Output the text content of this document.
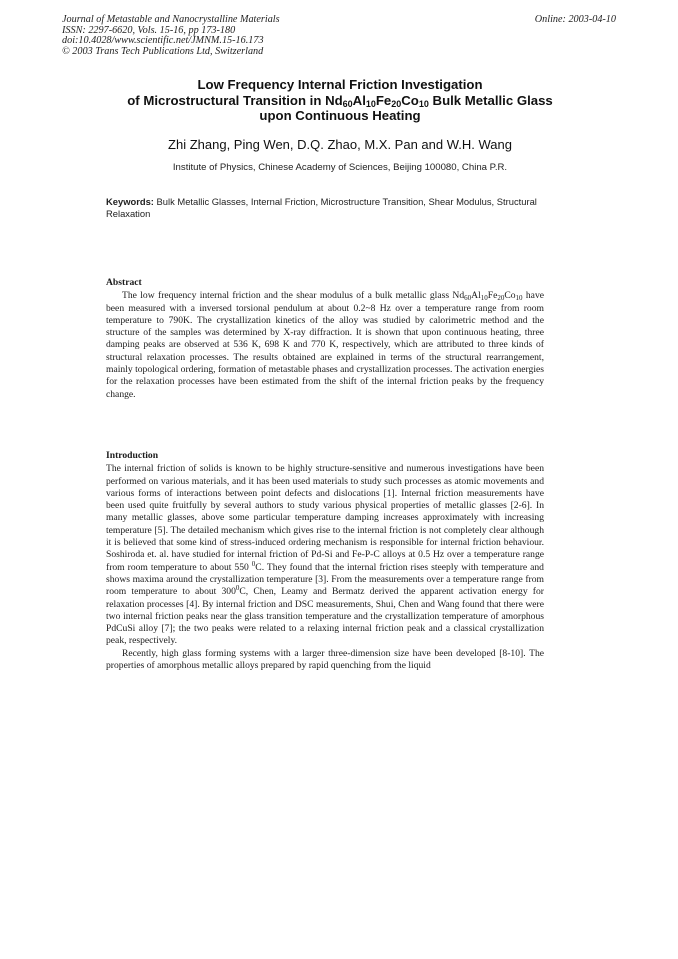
Journal of Metastable and Nanocrystalline Materials
ISSN: 2297-6620, Vols. 15-16, pp 173-180
doi:10.4028/www.scientific.net/JMNM.15-16.173
© 2003 Trans Tech Publications Ltd, Switzerland
Online: 2003-04-10
Low Frequency Internal Friction Investigation
of Microstructural Transition in $Nd_{60}Al_{10}Fe_{20}Co_{10}$ Bulk Metallic Glass
upon Continuous Heating
Zhi Zhang, Ping Wen, D.Q. Zhao, M.X. Pan and W.H. Wang
Institute of Physics, Chinese Academy of Sciences, Beijing 100080, China P.R.
Keywords: Bulk Metallic Glasses, Internal Friction, Microstructure Transition, Shear Modulus, Structural Relaxation
Abstract

The low frequency internal friction and the shear modulus of a bulk metallic glass $Nd_{60}Al_{10}Fe_{20}Co_{10}$ have been measured with a inversed torsional pendulum at about 0.2~8 Hz over a temperature range from room temperature to 790K. The crystallization kinetics of the alloy was studied by calorimetric method and the structure of the samples was determined by X-ray diffraction. It is shown that upon continuous heating, three damping peaks are observed at 536 K, 698 K and 770 K, respectively, which are attributed to three kinds of structural relaxation processes. The results obtained are explained in terms of the structural rearrangement, mainly topological ordering, formation of metastable phases and crystallization processes. The activation energies for the relaxation processes have been estimated from the shift of the internal friction peaks by the frequency change.

Introduction

The internal friction of solids is known to be highly structure-sensitive and numerous investigations have been performed on various materials, and it has been used materials to study such processes as atomic movements and various forms of interactions between point defects and dislocations [1]. Internal friction measurements have been used quite fruitfully by several authors to study various physical properties of metallic glasses [2-6]. In many metallic glasses, above some particular temperature damping increases approximately with increasing temperature [5]. The detailed mechanism which gives rise to the internal friction is not completely clear although it is believed that some kind of stress-induced ordering mechanism is responsible for internal friction behaviour. Soshiroda et. al. have studied for internal friction of Pd-Si and Fe-P-C alloys at 0.5 Hz over a temperature range from room temperature to about 550 $^0$C. They found that the internal friction rises steeply with temperature and shows maxima around the crystallization temperature [3]. From the measurements over a temperature range from room temperature to about $300^0C$, Chen, Leamy and Bermatz derived the apparent activation energy for relaxation processes [4]. By internal friction and DSC measurements, Shui, Chen and Wang found that there were two internal friction peaks near the glass transition temperature and the crystallization temperature of amorphous PdCuSi alloy [7]; the two peaks were related to a relaxing internal friction peak and a classical crystallization peak, respectively.

Recently, high glass forming systems with a larger three-dimension size have been developed [8-10]. The properties of amorphous metallic alloys prepared by rapid quenching from the liquid
